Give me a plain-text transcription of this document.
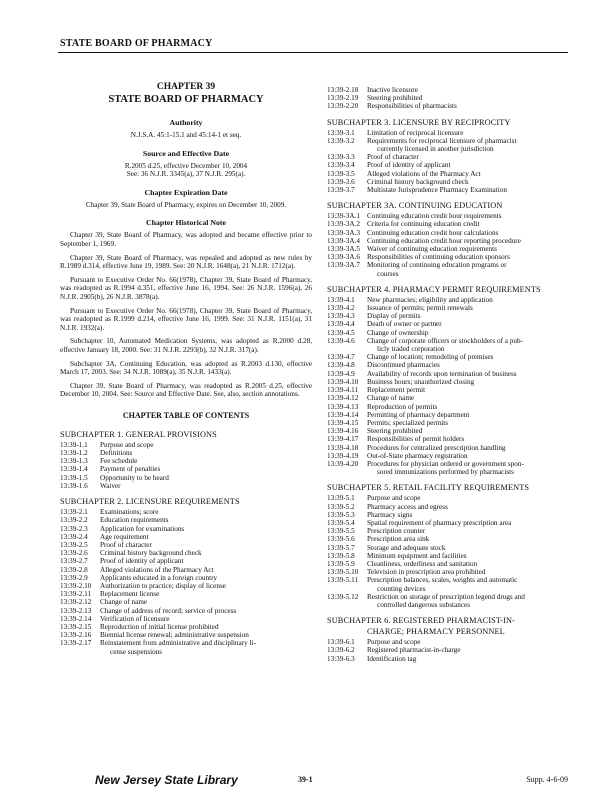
STATE BOARD OF PHARMACY
CHAPTER 39
STATE BOARD OF PHARMACY
Authority
N.J.S.A. 45:1-15.1 and 45:14-1 et seq.
Source and Effective Date
R.2005 d.25, effective December 10, 2004
See: 36 N.J.R. 3345(a), 37 N.J.R. 295(a).
Chapter Expiration Date
Chapter 39, State Board of Pharmacy, expires on December 10, 2009.
Chapter Historical Note
Chapter 39, State Board of Pharmacy, was adopted and became effective prior to September 1, 1969.
Chapter 39, State Board of Pharmacy, was repealed and adopted as new rules by R.1989 d.314, effective June 19, 1989. See: 20 N.J.R. 1648(a), 21 N.J.R. 1712(a).
Pursuant to Executive Order No. 66(1978), Chapter 39, State Board of Pharmacy, was readopted as R.1994 d.351, effective June 16, 1994. See: 26 N.J.R. 1596(a), 26 N.J.R. 2905(b), 26 N.J.R. 3878(a).
Pursuant to Executive Order No. 66(1978), Chapter 39, State Board of Pharmacy, was readopted as R.1999 d.214, effective June 16, 1999. See: 31 N.J.R. 1151(a), 31 N.J.R. 1932(a).
Subchapter 10, Automated Medication Systems, was adopted as R.2000 d.28, effective January 18, 2000. See: 31 N.J.R. 2293(b), 32 N.J.R. 317(a).
Subchapter 3A, Continuing Education, was adopted as R.2003 d.130, effective March 17, 2003. See: 34 N.J.R. 1089(a), 35 N.J.R. 1433(a).
Chapter 39, State Board of Pharmacy, was readopted as R.2005 d.25, effective December 10, 2004. See: Source and Effective Date. See, also, section annotations.
CHAPTER TABLE OF CONTENTS
SUBCHAPTER 1. GENERAL PROVISIONS
13:39-1.1	Purpose and scope
13:39-1.2	Definitions
13:39-1.3	Fee schedule
13:39-1.4	Payment of penalties
13:39-1.5	Opportunity to be heard
13:39-1.6	Waiver
SUBCHAPTER 2. LICENSURE REQUIREMENTS
13:39-2.1	Examinations; score
13:39-2.2	Education requirements
13:39-2.3	Application for examinations
13:39-2.4	Age requirement
13:39-2.5	Proof of character
13:39-2.6	Criminal history background check
13:39-2.7	Proof of identity of applicant
13:39-2.8	Alleged violations of the Pharmacy Act
13:39-2.9	Applicants educated in a foreign country
13:39-2.10	Authorization to practice; display of license
13:39-2.11	Replacement license
13:39-2.12	Change of name
13:39-2.13	Change of address of record; service of process
13:39-2.14	Verification of licensure
13:39-2.15	Reproduction of initial license prohibited
13:39-2.16	Biennial license renewal; administrative suspension
13:39-2.17	Reinstatement from administrative and disciplinary li-
cense suspensions
13:39-2.18	Inactive licensure
13:39-2.19	Steering prohibited
13:39-2.20	Responsibilities of pharmacists
SUBCHAPTER 3. LICENSURE BY RECIPROCITY
13:39-3.1	Limitation of reciprocal licensure
13:39-3.2	Requirements for reciprocal licensure of pharmacist
currently licensed in another jurisdiction
13:39-3.3	Proof of character
13:39-3.4	Proof of identity of applicant
13:39-3.5	Alleged violations of the Pharmacy Act
13:39-3.6	Criminal history background check
13:39-3.7	Multistate Jurisprudence Pharmacy Examination
SUBCHAPTER 3A. CONTINUING EDUCATION
13:39-3A.1 Continuing education credit hour requirements
13:39-3A.2 Criteria for continuing education credit
13:39-3A.3 Continuing education credit hour calculations
13:39-3A.4 Continuing education credit hour reporting procedure
13:39-3A.5 Waiver of continuing education requirements
13:39-3A.6 Responsibilities of continuing education sponsors
13:39-3A.7 Monitoring of continuing education programs or
courses
SUBCHAPTER 4. PHARMACY PERMIT REQUIREMENTS
13:39-4.1	New pharmacies; eligibility and application
13:39-4.2	Issuance of permits; permit renewals
13:39-4.3	Display of permits
13:39-4.4	Death of owner or partner
13:39-4.5	Change of ownership
13:39-4.6	Change of corporate officers or stockholders of a pub-
licly traded corporation
13:39-4.7	Change of location; remodeling of premises
13:39-4.8	Discontinued pharmacies
13:39-4.9	Availability of records upon termination of business
13:39-4.10	Business hours; unauthorized closing
13:39-4.11	Replacement permit
13:39-4.12	Change of name
13:39-4.13	Reproduction of permits
13:39-4.14	Permitting of pharmacy department
13:39-4.15	Permits; specialized permits
13:39-4.16	Steering prohibited
13:39-4.17	Responsibilities of permit holders
13:39-4.18	Procedures for centralized prescription handling
13:39-4.19	Out-of-State pharmacy registration
13:39-4.20	Procedures for physician ordered or government spon-
sored immunizations performed by pharmacists
SUBCHAPTER 5. RETAIL FACILITY REQUIREMENTS
13:39-5.1	Purpose and scope
13:39-5.2	Pharmacy access and egress
13:39-5.3	Pharmacy signs
13:39-5.4	Spatial requirement of pharmacy prescription area
13:39-5.5	Prescription counter
13:39-5.6	Prescription area sink
13:39-5.7	Storage and adequate stock
13:39-5.8	Minimum equipment and facilities
13:39-5.9	Cleanliness, orderliness and sanitation
13:39-5.10	Television in prescription area prohibited
13:39-5.11	Prescription balances, scales, weights and automatic
counting devices
13:39-5.12	Restriction on storage of prescription legend drugs and
controlled dangerous substances
SUBCHAPTER 6. REGISTERED PHARMACIST-IN-
CHARGE; PHARMACY PERSONNEL
13:39-6.1	Purpose and scope
13:39-6.2	Registered pharmacist-in-charge
13:39-6.3	Identification tag
New Jersey State Library	39-1	Supp. 4-6-09
